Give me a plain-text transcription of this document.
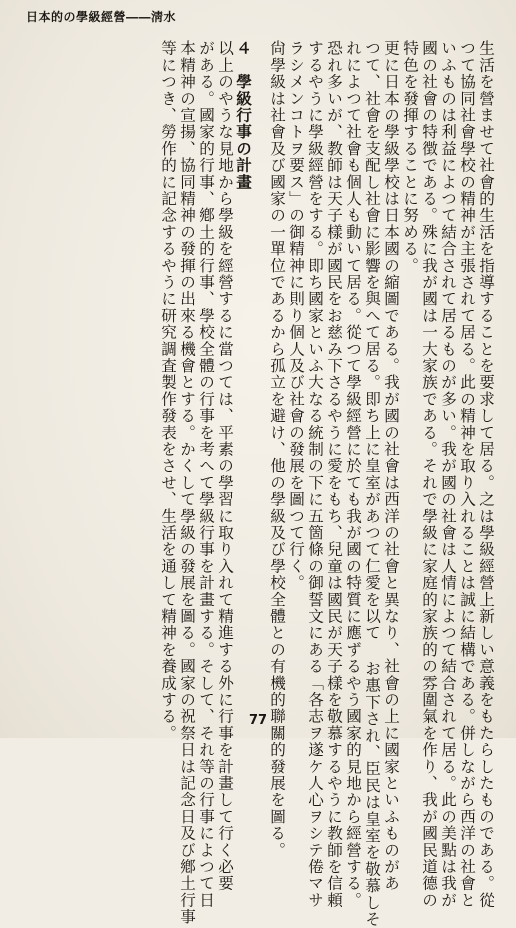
日本的の學級經營――淸水
生活を營ませて社會的生活を指導することを要求して居る。之は學級經營上新しい意義をもたらしたものである。從
つて協同社會學校の精神が主張されて居る。此の精神を取り入れることは誠に結構である。併しながら西洋の社會と
いふものは利益によつて結合されて居るものが多い。我が國の社會は人情によつて結合されて居る。此の美點は我が
國の社會の特徴である。殊に我が國は一大家族である。それで學級に家庭的家族的の雰圍氣を作り、我が國民道德の
特色を發揮することに努める。
更に日本の學級學校は日本國の縮圖である。我が國の社會は西洋の社會と異なり、社會の上に國家といふものがあ
つて、社會を支配し社會に影響を與へて居る。即ち上に皇室があつて仁愛を以て お惠下され、臣民は皇室を敬慕しそ
れによつて社會も個人も動いて居る。從つて學級經營に於ても我が國の特質に應ずるやう國家的見地から經營する。
恐れ多いが、教師は天子樣が國民をお慈み下さるやうに愛をもち、兒童は國民が天子樣を敬慕するやうに教師を信頼
するやうに學級經營をする。即ち國家といふ大なる統制の下に五箇條の御誓文にある「各志ヲ遂ケ人心ヲシテ倦マサ
ラシメンコトヲ要ス」の御精神に則り個人及び社會の發展を圖つて行く。
尙學級は社會及び國家の一單位であるから孤立を避け、他の學級及び學校全體との有機的聯關的發展を圖る。
４　學級行事の計畫
以上のやうな見地から學級を經營するに當つては、平素の學習に取り入れて精進する外に行事を計畫して行く必要
がある。國家的行事、鄕土的行事、學校全體の行事を考へて學級行事を計畫する。そして、それ等の行事によつて日
本精神の宣揚、協同精神の發揮の出來る機會とする。かくして學級の發展を圖る。國家の祝祭日は記念日及び鄕土行事
等につき、勞作的に記念するやうに研究調査製作發表をさせ、生活を通して精神を養成する。	77
